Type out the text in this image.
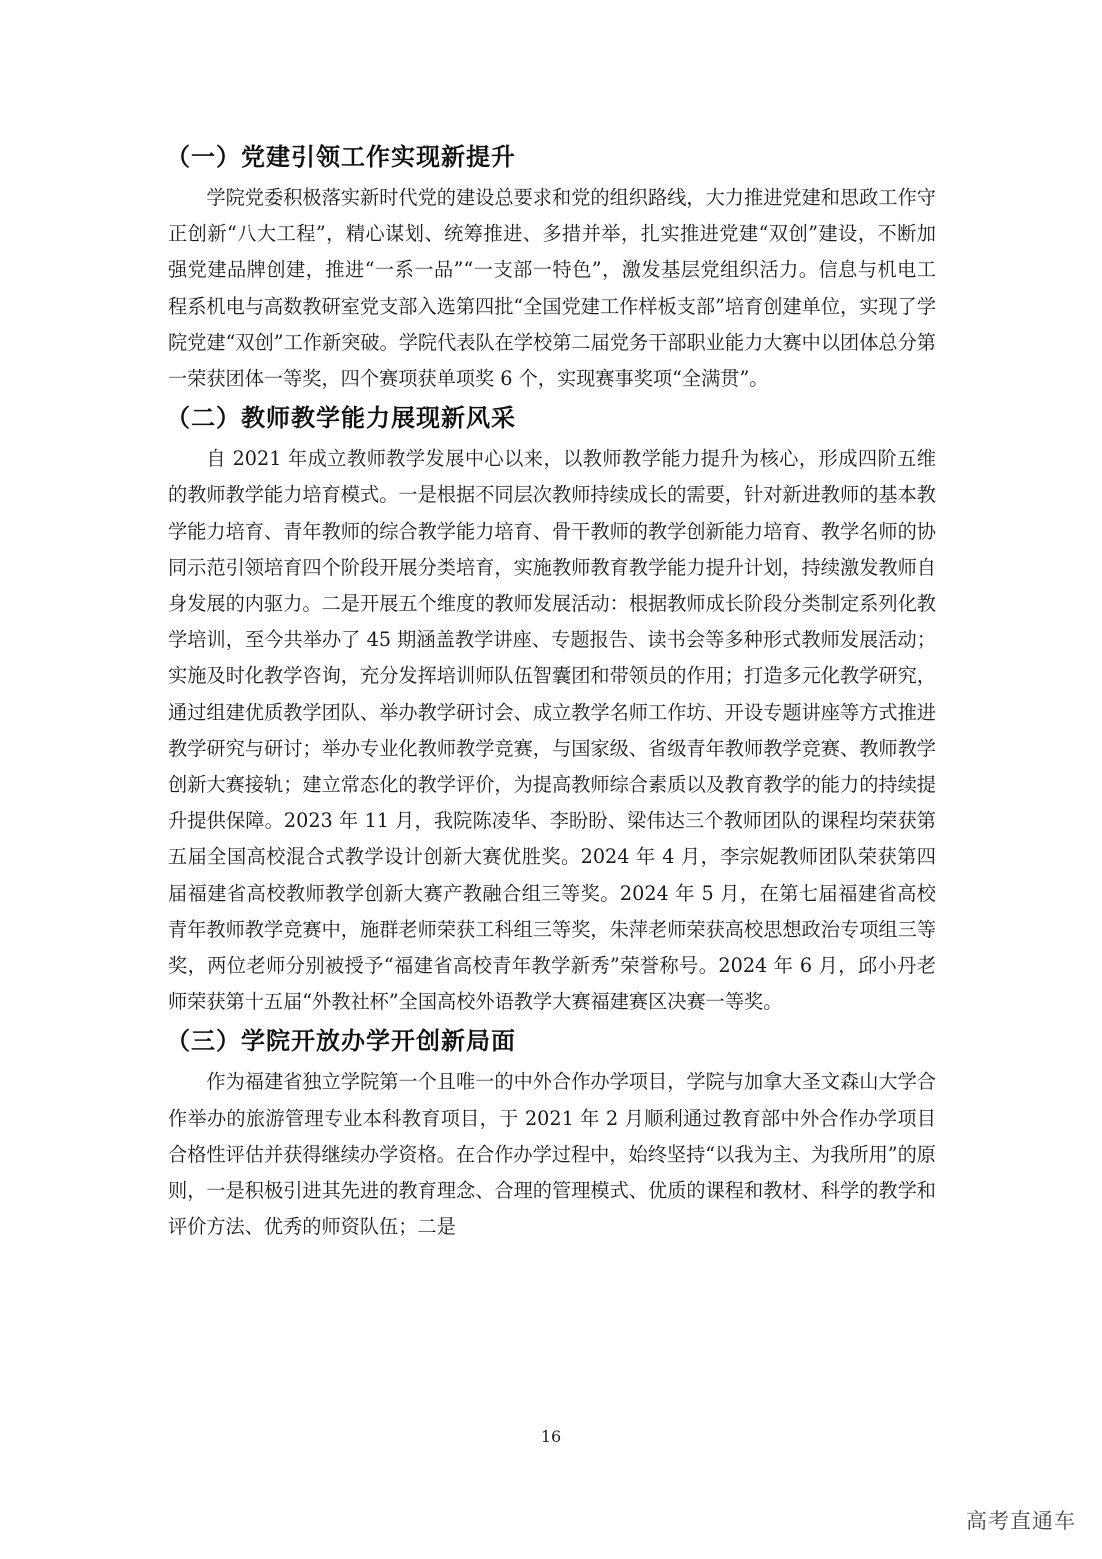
（一）党建引领工作实现新提升

学院党委积极落实新时代党的建设总要求和党的组织路线，大力推进党建和思政工作守正创新“八大工程”，精心谋划、统筹推进、多措并举，扎实推进党建“双创”建设，不断加强党建品牌创建，推进“一系一品”“一支部一特色”，激发基层党组织活力。信息与机电工程系机电与高数教研室党支部入选第四批“全国党建工作样板支部”培育创建单位，实现了学院党建“双创”工作新突破。学院代表队在学校第二届党务干部职业能力大赛中以团体总分第一荣获团体一等奖，四个赛项获单项奖 6 个，实现赛事奖项“全满贯”。

（二）教师教学能力展现新风采

自 2021 年成立教师教学发展中心以来，以教师教学能力提升为核心，形成四阶五维的教师教学能力培育模式。一是根据不同层次教师持续成长的需要，针对新进教师的基本教学能力培育、青年教师的综合教学能力培育、骨干教师的教学创新能力培育、教学名师的协同示范引领培育四个阶段开展分类培育，实施教师教育教学能力提升计划，持续激发教师自身发展的内驱力。二是开展五个维度的教师发展活动：根据教师成长阶段分类制定系列化教学培训，至今共举办了 45 期涵盖教学讲座、专题报告、读书会等多种形式教师发展活动；实施及时化教学咨询，充分发挥培训师队伍智囊团和带领员的作用；打造多元化教学研究，通过组建优质教学团队、举办教学研讨会、成立教学名师工作坊、开设专题讲座等方式推进教学研究与研讨；举办专业化教师教学竞赛，与国家级、省级青年教师教学竞赛、教师教学创新大赛接轨；建立常态化的教学评价，为提高教师综合素质以及教育教学的能力的持续提升提供保障。2023 年 11 月，我院陈凌华、李盼盼、梁伟达三个教师团队的课程均荣获第五届全国高校混合式教学设计创新大赛优胜奖。2024 年 4 月，李宗妮教师团队荣获第四届福建省高校教师教学创新大赛产教融合组三等奖。2024 年 5 月，在第七届福建省高校青年教师教学竞赛中，施群老师荣获工科组三等奖，朱萍老师荣获高校思想政治专项组三等奖，两位老师分别被授予“福建省高校青年教学新秀”荣誉称号。2024 年 6 月，邱小丹老师荣获第十五届“外教社杯”全国高校外语教学大赛福建赛区决赛一等奖。

（三）学院开放办学开创新局面

作为福建省独立学院第一个且唯一的中外合作办学项目，学院与加拿大圣文森山大学合作举办的旅游管理专业本科教育项目，于 2021 年 2 月顺利通过教育部中外合作办学项目合格性评估并获得继续办学资格。在合作办学过程中，始终坚持“以我为主、为我所用”的原则，一是积极引进其先进的教育理念、合理的管理模式、优质的课程和教材、科学的教学和评价方法、优秀的师资队伍；二是

16
高考直通车
